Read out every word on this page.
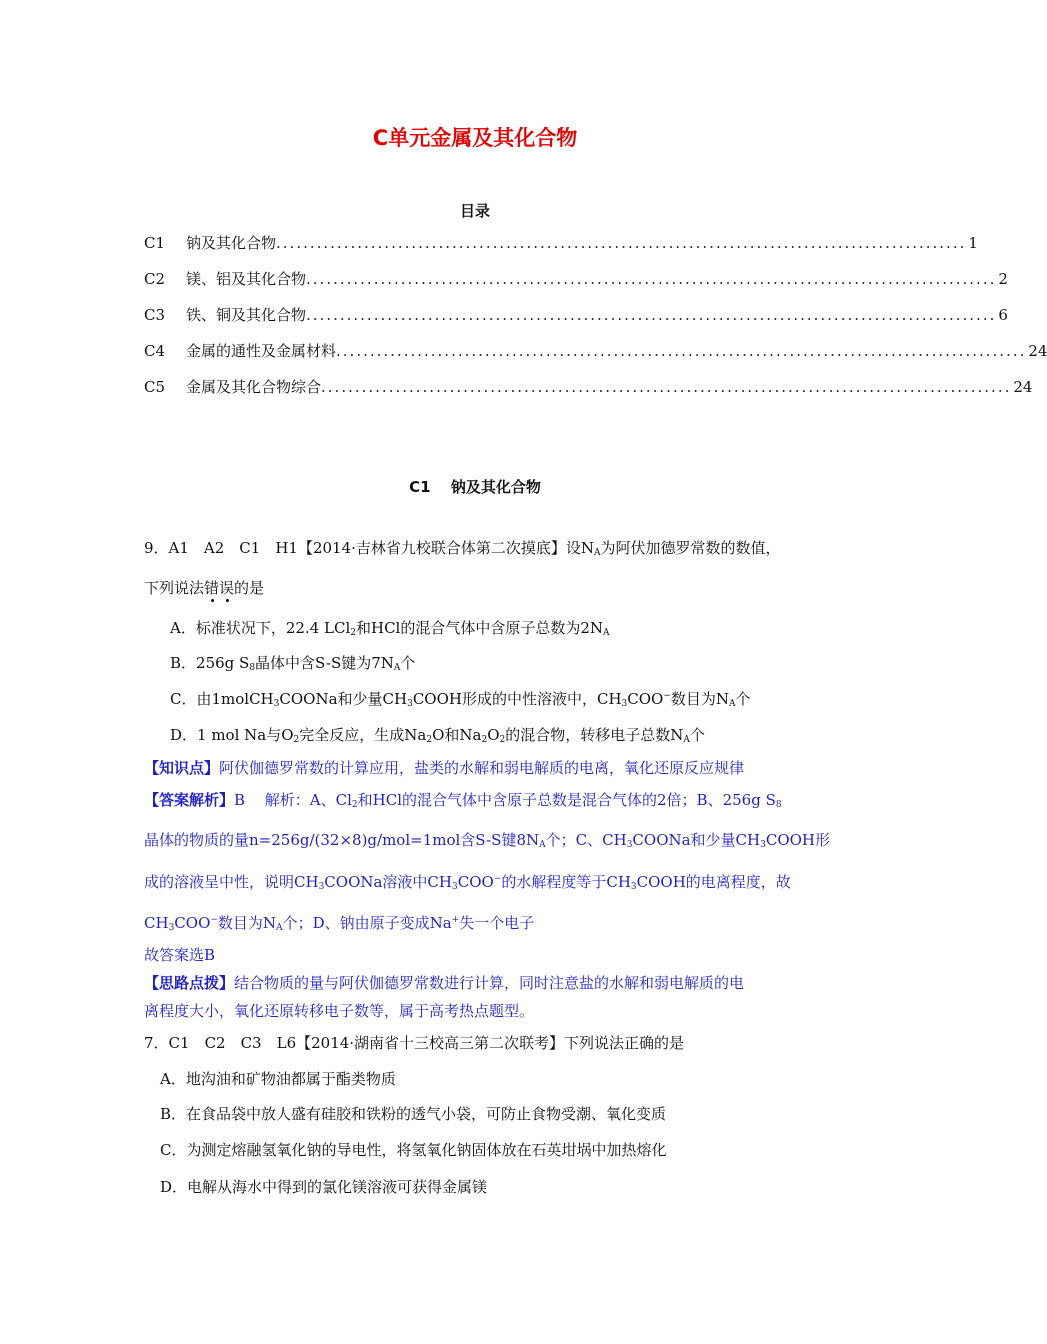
C单元金属及其化合物
目录
C1	钠及其化合物 ...................................................................................................... 1
C2	镁、铝及其化合物 ...................................................................................................... 2
C3	铁、铜及其化合物 ...................................................................................................... 6
C4	金属的通性及金属材料 ...................................................................................................... 24
C5	金属及其化合物综合 ...................................................................................................... 24
C1　 钠及其化合物
9．A1　A2　C1　H1【2014·吉林省九校联合体第二次摸底】设$N_A$为阿伏加德罗常数的数值，
下列说法错误的是
A．标准状况下，22.4 LCl$_2$和HCl的混合气体中含原子总数为$2N_A$
B．256g $S_8$晶体中含S-S键为$7N_A$个
C．由1molCH$_3$COONa和少量$CH_3COOH$形成的中性溶液中，$CH_3COO^-$数目为$N_A$个
D．1 mol Na与$O_2$完全反应，生成$Na_2O$和$Na_2O_2$的混合物，转移电子总数$N_A$个
【知识点】阿伏伽德罗常数的计算应用，盐类的水解和弱电解质的电离，氧化还原反应规律
【答案解析】B　 解析：A、$Cl_2$和HCl的混合气体中含原子总数是混合气体的2倍；B、256g $S_8$
晶体的物质的量n=256g/(32×8)g/mol=1mol含S-S键$8N_A$个；C、$CH_3COONa$和少量$CH_3COOH$形
成的溶液呈中性，说明$CH_3COONa$溶液中$CH_3COO^-$的水解程度等于$CH_3COOH$的电离程度，故
$CH_3COO^-$数目为$N_A$个；D、钠由原子变成Na+失一个电子
故答案选B
【思路点拨】结合物质的量与阿伏伽德罗常数进行计算，同时注意盐的水解和弱电解质的电
离程度大小，氧化还原转移电子数等，属于高考热点题型。
7．C1　C2　C3　L6【2014·湖南省十三校高三第二次联考】下列说法正确的是
A．地沟油和矿物油都属于酯类物质
B．在食品袋中放人盛有硅胶和铁粉的透气小袋，可防止食物受潮、氧化变质
C．为测定熔融氢氧化钠的导电性，将氢氧化钠固体放在石英坩埚中加热熔化
D．电解从海水中得到的氯化镁溶液可获得金属镁
